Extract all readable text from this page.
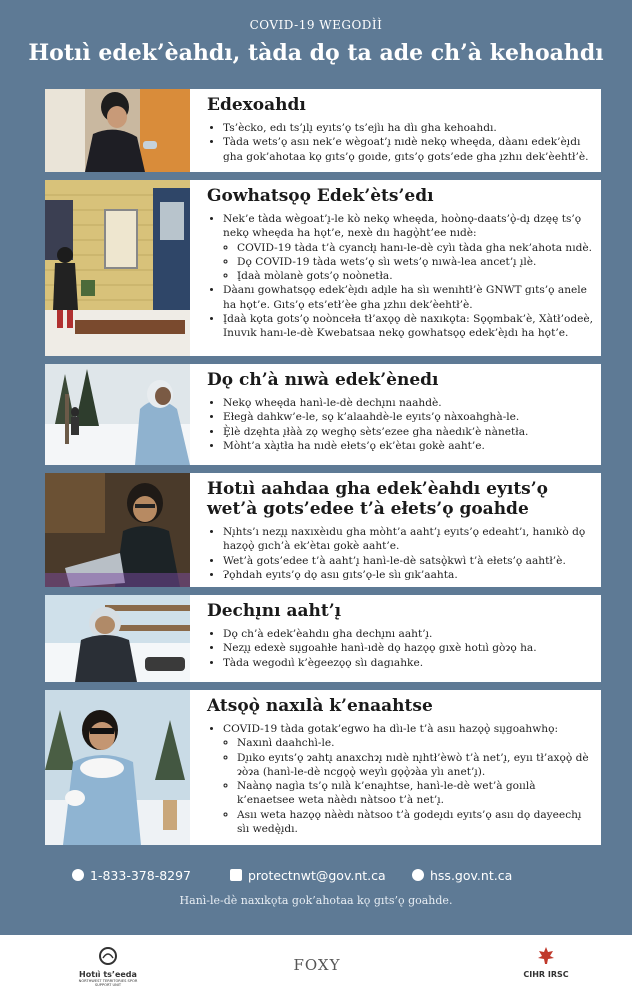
COVID-19 WEGODÌÌ
Hotıì edek’èahdı, tàda dǫ ta ade ch’à kehoahdı
Edexoahdı
• Ts’ècko, edı ts’ı̨lı̨ eyıts’ǫ ts’ejìı ha dìı gha kehoahdı.
• Tàda wets’ǫ asıı nek’e wègoat’ı̨ nıdè nekǫ wheęda, dàanı edek’èı̨dı gha gok’ahotaa kǫ gıts’ǫ goıde, gıts’ǫ gots’ede gha ı̨zhıı dek’èehtł’è.
Gowhatsǫǫ Edek’èts’edı
• Nek’e tàda wègoat’ı̨-le kò nekǫ wheęda, hoònǫ-daats’ǫ̀-dı̨ dzęę ts’ǫ nekǫ wheęda ha hǫt’e, nexè dıı hagǫ̀ht’ee nıdè:
◦ COVID-19 tàda t’à cyancłı̨ hanı-le-dè cyìı tàda gha nek’ahota nıdè.
◦ Dǫ COVID-19 tàda wets’ǫ sìı wets’ǫ nıwà-lea ancet’ı̨ ı̨lè.
◦ Į̀daà mòlanè gots’ǫ noònetła.
• Dàanı gowhatsǫǫ edek’èı̨dı adı̨le ha sìı wenıhtł’è GNWT gıts’ǫ anele ha hǫt’e. Gıts’ǫ ets’etł’èe gha ı̨zhıı dek’èehtł’è.
• Į̀daà kǫta gots’ǫ noònceła tł’axǫǫ dè naxıkǫta: Sǫǫmbak’è, Xàtł’odeè, Inuvık hanı-le-dè Kwebatsaa nekǫ gowhatsǫǫ edek’èı̨dı ha hǫt’e.
Dǫ ch’à nıwà edek’ènedı
• Nekǫ wheęda hanì-le-dè dechı̨nı naahdè.
• Ełegà dahkw’e-le, sǫ k’alaahdè-le eyıts’ǫ nàxoahghà-le.
• Ȩ̀lè dzęhta ı̨łàà zǫ weghǫ sèts’ezee gha nàedık’è nànetła.
• Mòht’a xàı̨tła ha nıdè ełets’ǫ ek’ètaı gokè aaht’e.
Hotıì aahdaa gha edek’èahdı eyıts’ǫ wet’à gots’edee t’à ełets’ǫ goahde
• Nı̨hts’ı nezı̨ı̨ naxıxèıdu gha mòht’a aaht’ı̨ eyıts’ǫ edeaht’ı, hanıkò dǫ hazǫǫ̀ gıch’à ek’ètaı gokè aaht’e.
• Wet’à gots’edee t’à aaht’ı̨ hanì-le-dè satsǫ̀kwì t’à ełets’ǫ aahtł’è.
• Ɂǫhdah eyıts’ǫ dǫ asıı gıts’ǫ-le sìı gık’aahta.
Dechı̨nı aaht’ı̨
• Dǫ ch’à edek’èahdıı gha dechı̨nı aaht’ı̨.
• Nezı̨ı̨ edexè sıı̨goahłe hanì-ıdè dǫ hazǫǫ gıxè hotıì gòɂǫ ha.
• Tàda wegodıì k’ègeezǫǫ sìı dagıahke.
Atsǫǫ̀ naxılà k’enaahtse
• COVID-19 tàda gotak’egwo ha dìı-le t’à asıı hazǫǫ̀ sıı̨goahwhǫ:
◦ Naxınì daahchì-le.
◦ Dı̨ıko eyıts’ǫ ɂahtı̨ anaxchɂı̨ nıdè nı̨htł’èwò t’à net’ı̨, eyıı tł’axǫǫ̀ dè ɂòɂa (hanì-le-dè ncgǫǫ̀ weyìı gǫǫ̀ɂàa yìı anet’ı̨).
◦ Naànǫ nagìa ts’ǫ nılà k’enaı̨htse, hanì-le-dè wet’à goıılà k’enaetsee weta nàèdı nàtsoo t’à net’ı̨.
◦ Asıı weta hazǫǫ nàèdı nàtsoo t’à godeı̨dı eyıts’ǫ asıı dǫ dayeechı̨ sìı wedę̀ı̨dı.
1-833-378-8297	protectnwt@gov.nt.ca	hss.gov.nt.ca
Hanì-le-dè naxıkǫta gok’ahotaa kǫ gıts’ǫ goahde.
Hotıì ts’eeda
NORTHWEST TERRITORIES SPOR SUPPORT UNIT
FOXY
CIHR IRSC
